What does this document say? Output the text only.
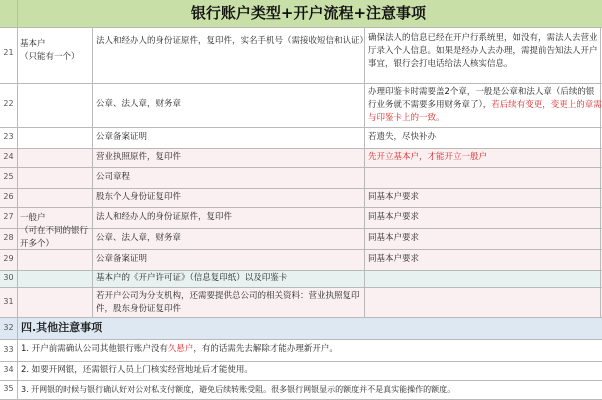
银行账户类型+开户流程+注意事项
21
22
23
24
25
26
27
28
29
30
31
32
33
34
35
基本户
（只能有一个）
一般户
（可在不同的银行开多个）
法人和经办人的身份证原件，复印件，实名手机号（需接收短信和认证）
公章、法人章，财务章
公章备案证明
营业执照原件，复印件
公司章程
股东个人身份证复印件
法人和经办人的身份证原件，复印件
公章、法人章，财务章
公章备案证明
基本户的《开户许可证》（信息复印纸）以及印鉴卡
若开户公司为分支机构，还需要提供总公司的相关资料：营业执照复印件，股东身份证复印件
确保法人的信息已经在开户行系统里，如没有，需法人去营业厅录入个人信息。如果是经办人去办理，需提前告知法人开户事宜，银行会打电话给法人核实信息。
办理印鉴卡时需要盖2个章，一般是公章和法人章（后续的银行业务就不需要多用财务章了），若后续有变更，变更上的章需与印鉴卡上的一致。
若遗失，尽快补办
先开立基本户，才能开立一般户
同基本户要求
同基本户要求
同基本户要求
同基本户要求
四.其他注意事项
1. 开户前需确认公司其他银行账户没有久悬户，有的话需先去解除才能办理新开户。
2. 如要开网银，还需银行人员上门核实经营地址后才能使用。
3. 开网银的时候与银行确认好对公对私支付额度，避免后续转账受阻。很多银行网银显示的额度并不是真实能操作的额度。
